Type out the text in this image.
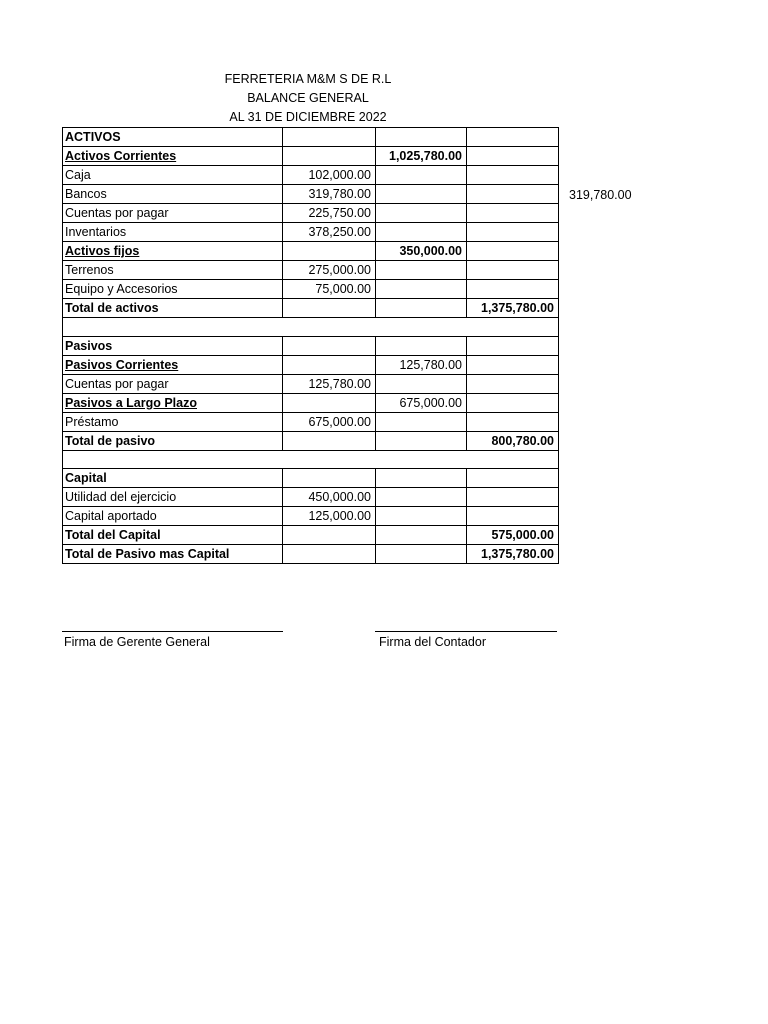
FERRETERIA M&M S DE R.L
BALANCE GENERAL
AL 31 DE DICIEMBRE 2022
ACTIVOS			
Activos Corrientes		1,025,780.00	
Caja	102,000.00		
Bancos	319,780.00		
Cuentas por pagar	225,750.00		
Inventarios	378,250.00		
Activos fijos		350,000.00	
Terrenos	275,000.00		
Equipo y Accesorios	75,000.00		
Total de activos			1,375,780.00

Pasivos			
Pasivos Corrientes		125,780.00	
Cuentas por pagar	125,780.00		
Pasivos a Largo Plazo		675,000.00	
Préstamo	675,000.00		
Total de pasivo			800,780.00

Capital			
Utilidad del ejercicio	450,000.00		
Capital aportado	125,000.00		
Total del Capital			575,000.00
Total de Pasivo mas Capital			1,375,780.00
319,780.00
Firma de Gerente General	Firma del Contador
